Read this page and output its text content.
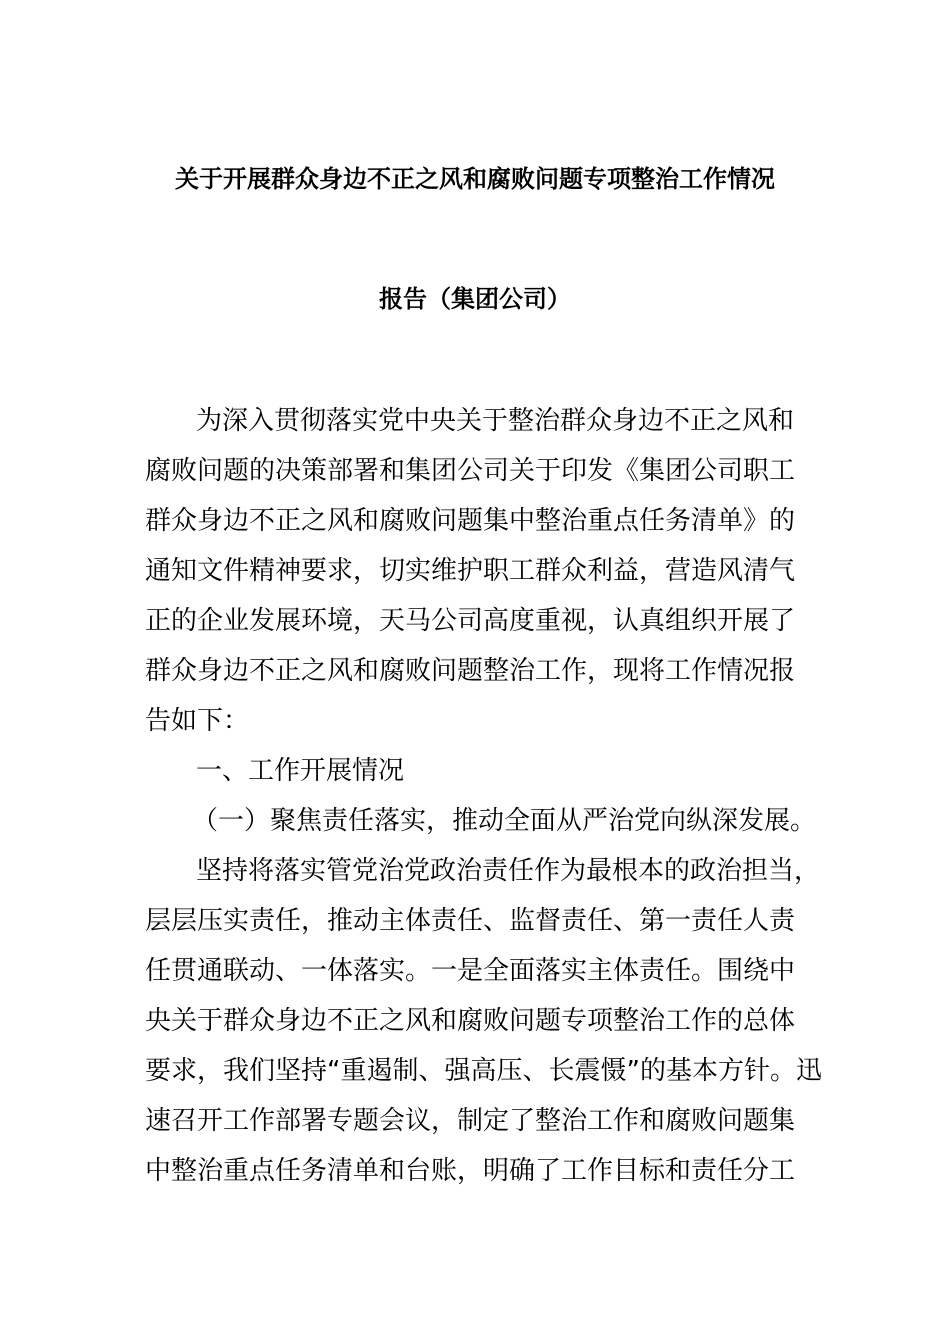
关于开展群众身边不正之风和腐败问题专项整治工作情况
报告（集团公司）
为深入贯彻落实党中央关于整治群众身边不正之风和
腐败问题的决策部署和集团公司关于印发《集团公司职工
群众身边不正之风和腐败问题集中整治重点任务清单》的
通知文件精神要求，切实维护职工群众利益，营造风清气
正的企业发展环境，天马公司高度重视，认真组织开展了
群众身边不正之风和腐败问题整治工作，现将工作情况报
告如下：
一、工作开展情况
（一）聚焦责任落实，推动全面从严治党向纵深发展。
坚持将落实管党治党政治责任作为最根本的政治担当，
层层压实责任，推动主体责任、监督责任、第一责任人责
任贯通联动、一体落实。一是全面落实主体责任。围绕中
央关于群众身边不正之风和腐败问题专项整治工作的总体
要求，我们坚持“重遏制、强高压、长震慑”的基本方针。迅
速召开工作部署专题会议，制定了整治工作和腐败问题集
中整治重点任务清单和台账，明确了工作目标和责任分工
